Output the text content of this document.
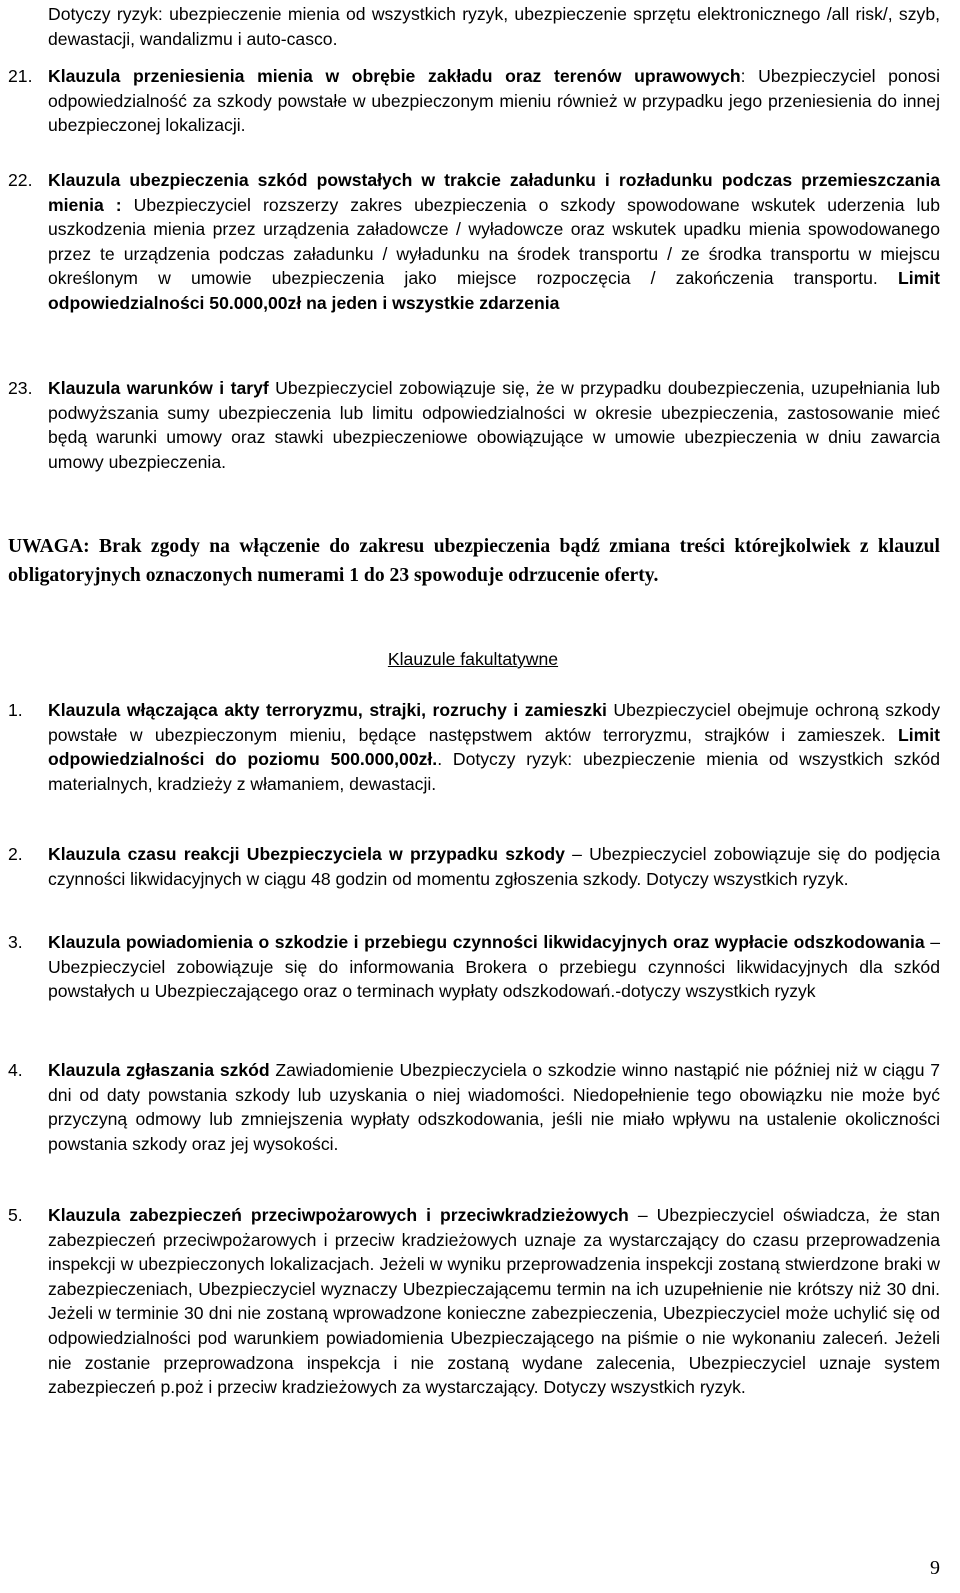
Dotyczy ryzyk: ubezpieczenie mienia od wszystkich ryzyk, ubezpieczenie sprzętu elektronicznego /all risk/, szyb, dewastacji, wandalizmu i auto-casco.

21. Klauzula przeniesienia mienia w obrębie zakładu oraz terenów uprawowych: Ubezpieczyciel ponosi odpowiedzialność za szkody powstałe w ubezpieczonym mieniu również w przypadku jego przeniesienia do innej ubezpieczonej lokalizacji.

22. Klauzula ubezpieczenia szkód powstałych w trakcie załadunku i rozładunku podczas przemieszczania mienia : Ubezpieczyciel rozszerzy zakres ubezpieczenia o szkody spowodowane wskutek uderzenia lub uszkodzenia mienia przez urządzenia załadowcze / wyładowcze oraz wskutek upadku mienia spowodowanego przez te urządzenia podczas załadunku / wyładunku na środek transportu / ze środka transportu w miejscu określonym w umowie ubezpieczenia jako miejsce rozpoczęcia / zakończenia transportu. Limit odpowiedzialności 50.000,00zł na jeden i wszystkie zdarzenia

23. Klauzula warunków i taryf Ubezpieczyciel zobowiązuje się, że w przypadku doubezpieczenia, uzupełniania lub podwyższania sumy ubezpieczenia lub limitu odpowiedzialności w okresie ubezpieczenia, zastosowanie mieć będą warunki umowy oraz stawki ubezpieczeniowe obowiązujące w umowie ubezpieczenia w dniu zawarcia umowy ubezpieczenia.

UWAGA: Brak zgody na włączenie do zakresu ubezpieczenia bądź zmiana treści którejkolwiek z klauzul obligatoryjnych oznaczonych numerami 1 do 23 spowoduje odrzucenie oferty.

Klauzule fakultatywne
1.	Klauzula włączająca akty terroryzmu, strajki, rozruchy i zamieszki Ubezpieczyciel obejmuje ochroną szkody powstałe w ubezpieczonym mieniu, będące następstwem aktów terroryzmu, strajków i zamieszek. Limit odpowiedzialności do poziomu 500.000,00zł.. Dotyczy ryzyk: ubezpieczenie mienia od wszystkich szkód materialnych, kradzieży z włamaniem, dewastacji.

2.	Klauzula czasu reakcji Ubezpieczyciela w przypadku szkody – Ubezpieczyciel zobowiązuje się do podjęcia czynności likwidacyjnych w ciągu 48 godzin od momentu zgłoszenia szkody. Dotyczy wszystkich ryzyk.

3.	Klauzula powiadomienia o szkodzie i przebiegu czynności likwidacyjnych oraz wypłacie odszkodowania – Ubezpieczyciel zobowiązuje się do informowania Brokera o przebiegu czynności likwidacyjnych dla szkód powstałych u Ubezpieczającego oraz o terminach wypłaty odszkodowań.-dotyczy wszystkich ryzyk

4.	Klauzula zgłaszania szkód Zawiadomienie Ubezpieczyciela o szkodzie winno nastąpić nie później niż w ciągu 7 dni od daty powstania szkody lub uzyskania o niej wiadomości. Niedopełnienie tego obowiązku nie może być przyczyną odmowy lub zmniejszenia wypłaty odszkodowania, jeśli nie miało wpływu na ustalenie okoliczności powstania szkody oraz jej wysokości.

5.	Klauzula zabezpieczeń przeciwpożarowych i przeciwkradzieżowych – Ubezpieczyciel oświadcza, że stan zabezpieczeń przeciwpożarowych i przeciw kradzieżowych uznaje za wystarczający do czasu przeprowadzenia inspekcji w ubezpieczonych lokalizacjach. Jeżeli w wyniku przeprowadzenia inspekcji zostaną stwierdzone braki w zabezpieczeniach, Ubezpieczyciel wyznaczy Ubezpieczającemu termin na ich uzupełnienie nie krótszy niż 30 dni. Jeżeli w terminie 30 dni nie zostaną wprowadzone konieczne zabezpieczenia, Ubezpieczyciel może uchylić się od odpowiedzialności pod warunkiem powiadomienia Ubezpieczającego na piśmie o nie wykonaniu zaleceń. Jeżeli nie zostanie przeprowadzona inspekcja i nie zostaną wydane zalecenia, Ubezpieczyciel uznaje system zabezpieczeń p.poż i przeciw kradzieżowych za wystarczający. Dotyczy wszystkich ryzyk.

9
